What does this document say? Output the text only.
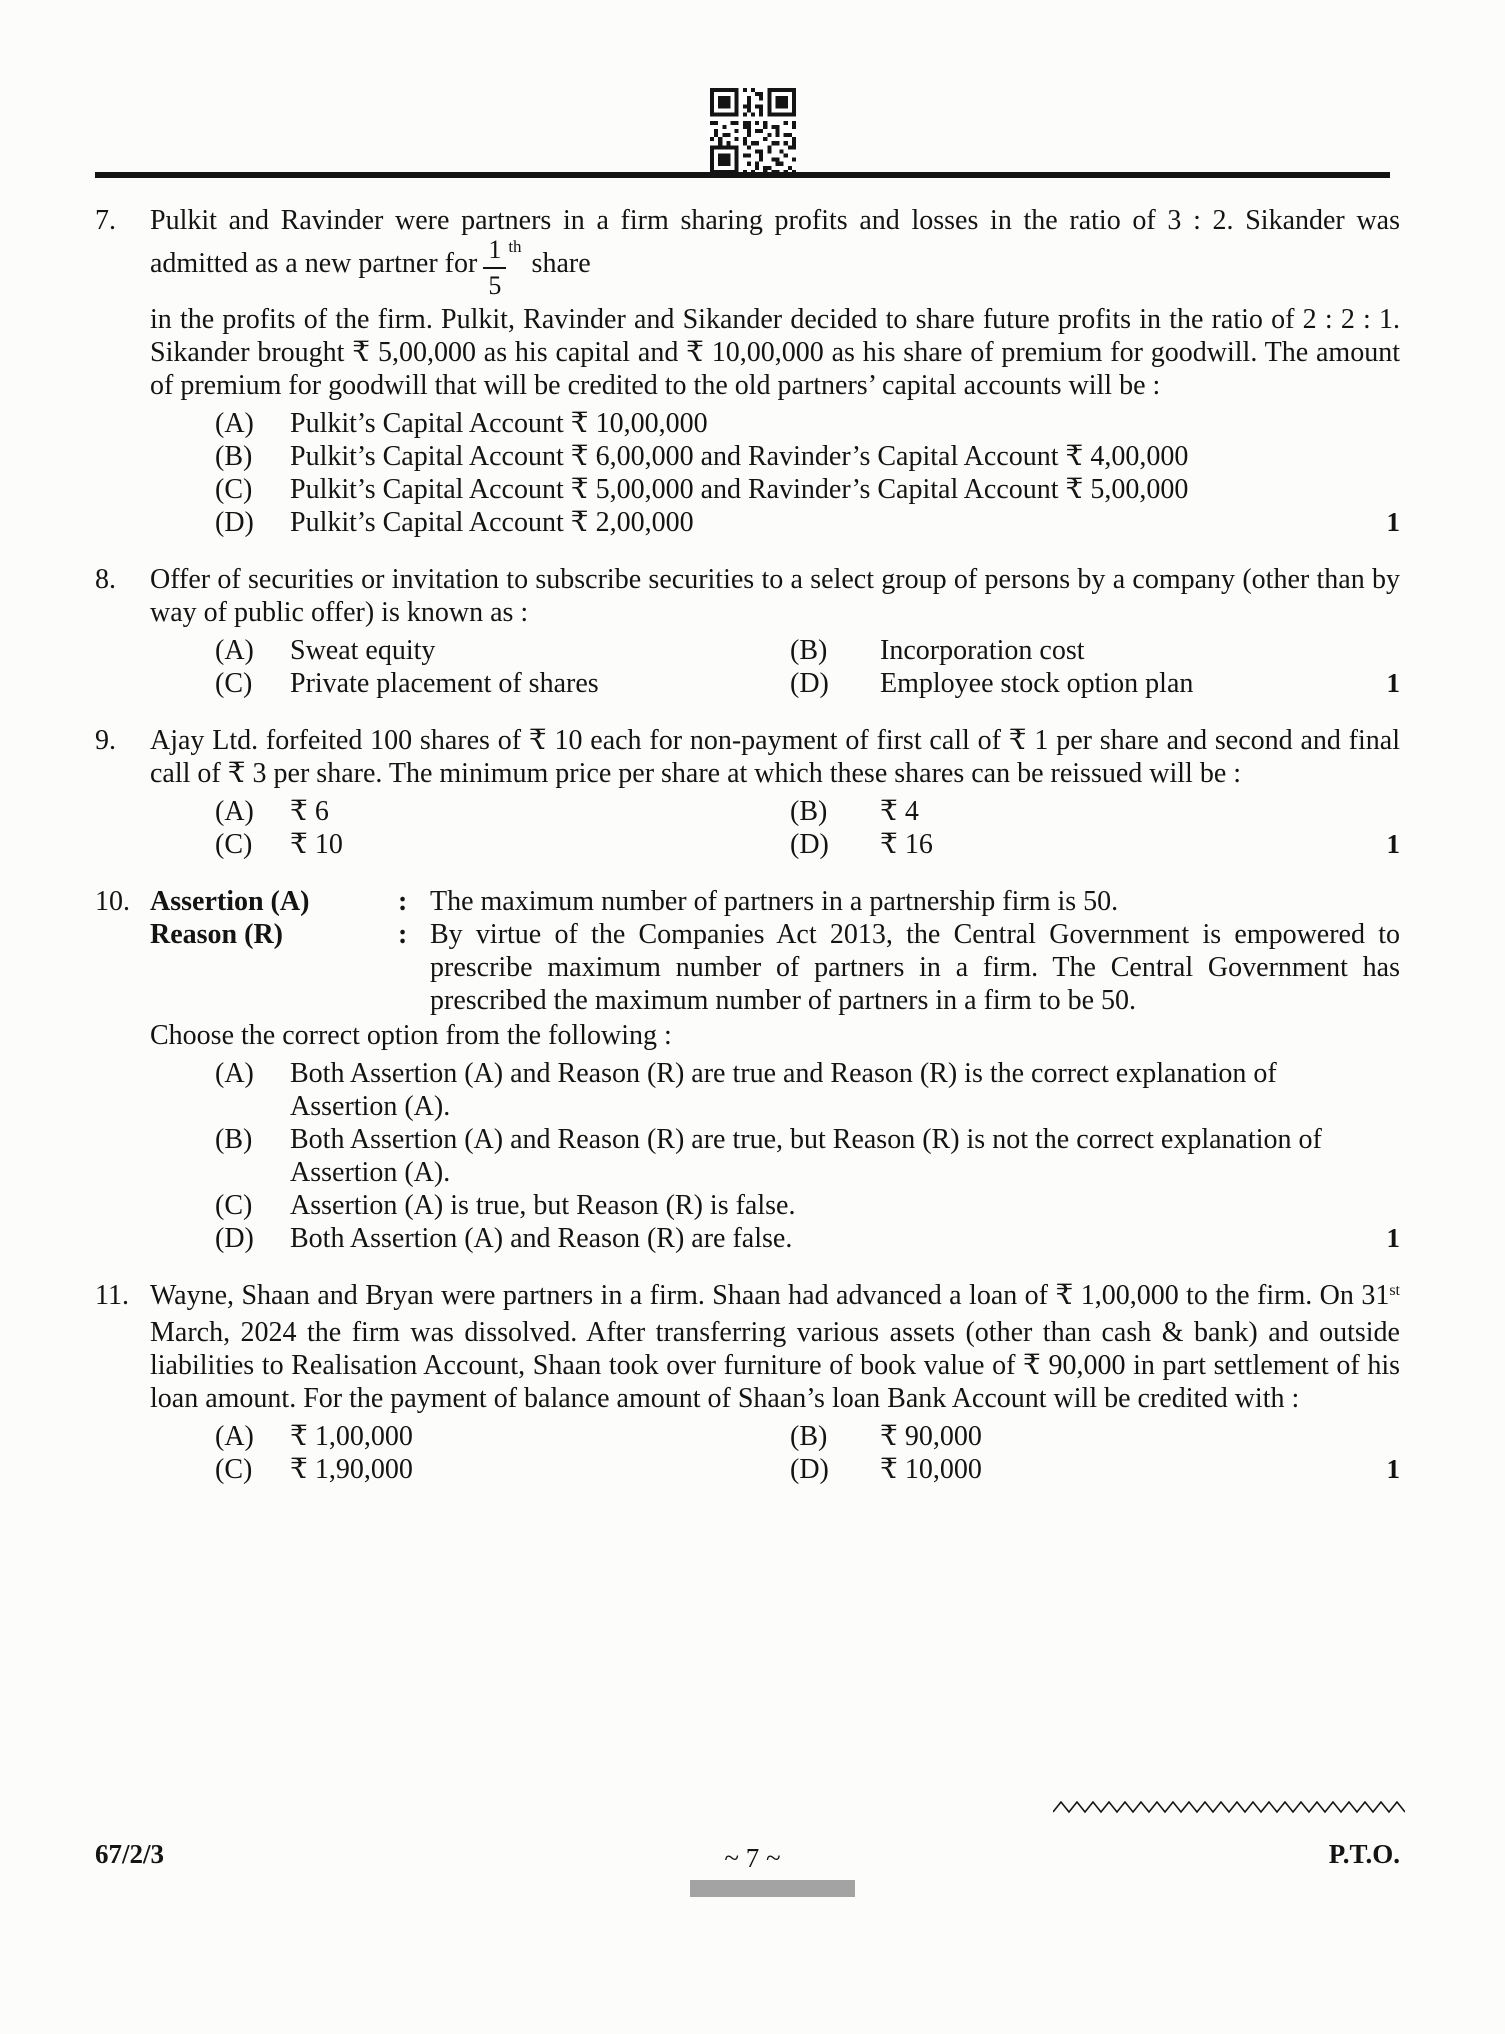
7.	Pulkit and Ravinder were partners in a firm sharing profits and losses in the ratio of 3 : 2. Sikander was admitted as a new partner for $\frac{1}{5}$ $^{th}$share

in the profits of the firm. Pulkit, Ravinder and Sikander decided to share future profits in the ratio of 2 : 2 : 1. Sikander brought ₹ 5,00,000 as his capital and ₹ 10,00,000 as his share of premium for goodwill. The amount of premium for goodwill that will be credited to the old partners’ capital accounts will be :

(A)	Pulkit’s Capital Account ₹ 10,00,000
(B)	Pulkit’s Capital Account ₹ 6,00,000 and Ravinder’s Capital Account ₹ 4,00,000
(C)	Pulkit’s Capital Account ₹ 5,00,000 and Ravinder’s Capital Account ₹ 5,00,000
(D)	Pulkit’s Capital Account ₹ 2,00,000	1
8.	Offer of securities or invitation to subscribe securities to a select group of persons by a company (other than by way of public offer) is known as :

(A)	Sweat equity	(B)	Incorporation cost
(C)	Private placement of shares	(D)	Employee stock option plan	1
9.	Ajay Ltd. forfeited 100 shares of ₹ 10 each for non-payment of first call of ₹ 1 per share and second and final call of ₹ 3 per share. The minimum price per share at which these shares can be reissued will be :

(A)	₹ 6	(B)	₹ 4
(C)	₹ 10	(D)	₹ 16	1
10. Assertion (A)	: The maximum number of partners in a partnership firm is 50.
Reason (R)	: By virtue of the Companies Act 2013, the Central Government is empowered to prescribe maximum number of partners in a firm. The Central Government has prescribed the maximum number of partners in a firm to be 50.

Choose the correct option from the following :

(A)	Both Assertion (A) and Reason (R) are true and Reason (R) is the correct explanation of Assertion (A).
(B)	Both Assertion (A) and Reason (R) are true, but Reason (R) is not the correct explanation of Assertion (A).
(C)	Assertion (A) is true, but Reason (R) is false.
(D)	Both Assertion (A) and Reason (R) are false.	1
11. Wayne, Shaan and Bryan were partners in a firm. Shaan had advanced a loan of ₹ 1,00,000 to the firm. On 31st March, 2024 the firm was dissolved. After transferring various assets (other than cash & bank) and outside liabilities to Realisation Account, Shaan took over furniture of book value of ₹ 90,000 in part settlement of his loan amount. For the payment of balance amount of Shaan’s loan Bank Account will be credited with :

(A)	₹ 1,00,000	(B)	₹ 90,000
(C)	₹ 1,90,000	(D)	₹ 10,000	1
67/2/3	~ 7 ~	P.T.O.
